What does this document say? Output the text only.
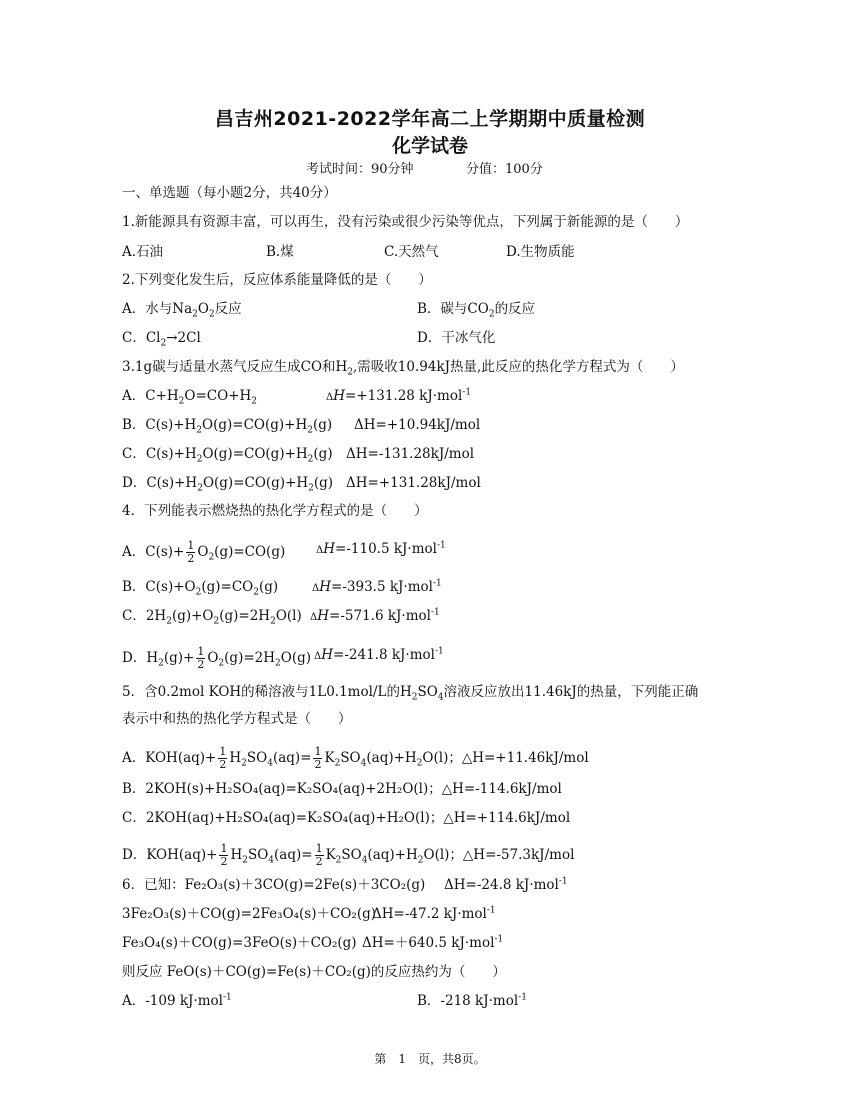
昌吉州2021-2022学年高二上学期期中质量检测
化学试卷
考试时间：90分钟	分值：100分
一、单选题（每小题2分，共40分）
1.新能源具有资源丰富，可以再生，没有污染或很少污染等优点，下列属于新能源的是（　　）
A.石油	B.煤	C.天然气	D.生物质能
2.下列变化发生后，反应体系能量降低的是（　　）
A．水与$Na_2O_2$反应	B．碳与$CO_2$的反应
C．$Cl_2\to 2Cl$	D．干冰气化
3.1g碳与适量水蒸气反应生成CO和$H_2$,需吸收10.94kJ热量,此反应的热化学方程式为（　　）
A．$C+H_2O=CO+H_2$	ΔH=+131.28 kJ·mol$^{-1}$
B．$C(s)+H_2O(g)=CO(g)+H_2(g)$ ΔH=+10.94kJ/mol
C．$C(s)+H_2O(g)=CO(g)+H_2(g)$ ΔH=-131.28kJ/mol
D．$C(s)+H_2O(g)=CO(g)+H_2(g)$ ΔH=+131.28kJ/mol
4．下列能表示燃烧热的热化学方程式的是（　　）
A．$C(s)+ \frac{1}{2} O_2(g)=CO(g)$	ΔH=-110.5 kJ·mol$^{-1}$
B．$C(s)+O_2(g)=CO_2(g)$	ΔH=-393.5 kJ·mol$^{-1}$
C．$2H_2(g)+O_2(g)=2H_2O(l)$ ΔH=-571.6 kJ·mol$^{-1}$
D．$H_2(g)+ \frac{1}{2} O_2(g)=2H_2O(g)$ ΔH=-241.8 kJ·mol$^{-1}$
5．含0.2mol KOH的稀溶液与1L0.1mol/L的$H_2SO_4$溶液反应放出11.46kJ的热量，下列能正确
表示中和热的热化学方程式是（　　）
A．$KOH(aq)+ \frac{1}{2} H_2SO_4(aq)= \frac{1}{2} K_2SO_4(aq)+H_2O(l)$；△H=+11.46kJ/mol
B．2KOH(s)+H₂SO₄(aq)=K₂SO₄(aq)+2H₂O(l)；△H=-114.6kJ/mol
C．2KOH(aq)+H₂SO₄(aq)=K₂SO₄(aq)+H₂O(l)；△H=+114.6kJ/mol
D．$KOH(aq)+ \frac{1}{2} H_2SO_4(aq)= \frac{1}{2} K_2SO_4(aq)+H_2O(l)$；△H=-57.3kJ/mol
6．已知：Fe₂O₃(s)＋3CO(g)=2Fe(s)＋3CO₂(g) ΔH=-24.8 kJ·mol$^{-1}$
3Fe₂O₃(s)＋CO(g)=2Fe₃O₄(s)＋CO₂(g)
ΔH=-47.2 kJ·mol$^{-1}$
Fe₃O₄(s)＋CO(g)=3FeO(s)＋CO₂(g) ΔH=＋640.5 kJ·mol$^{-1}$
则反应 FeO(s)＋CO(g)=Fe(s)＋CO₂(g)的反应热约为（　　）
A．-109 kJ·mol$^{-1}$	B．-218 kJ·mol$^{-1}$
第　1　页，共8页。
